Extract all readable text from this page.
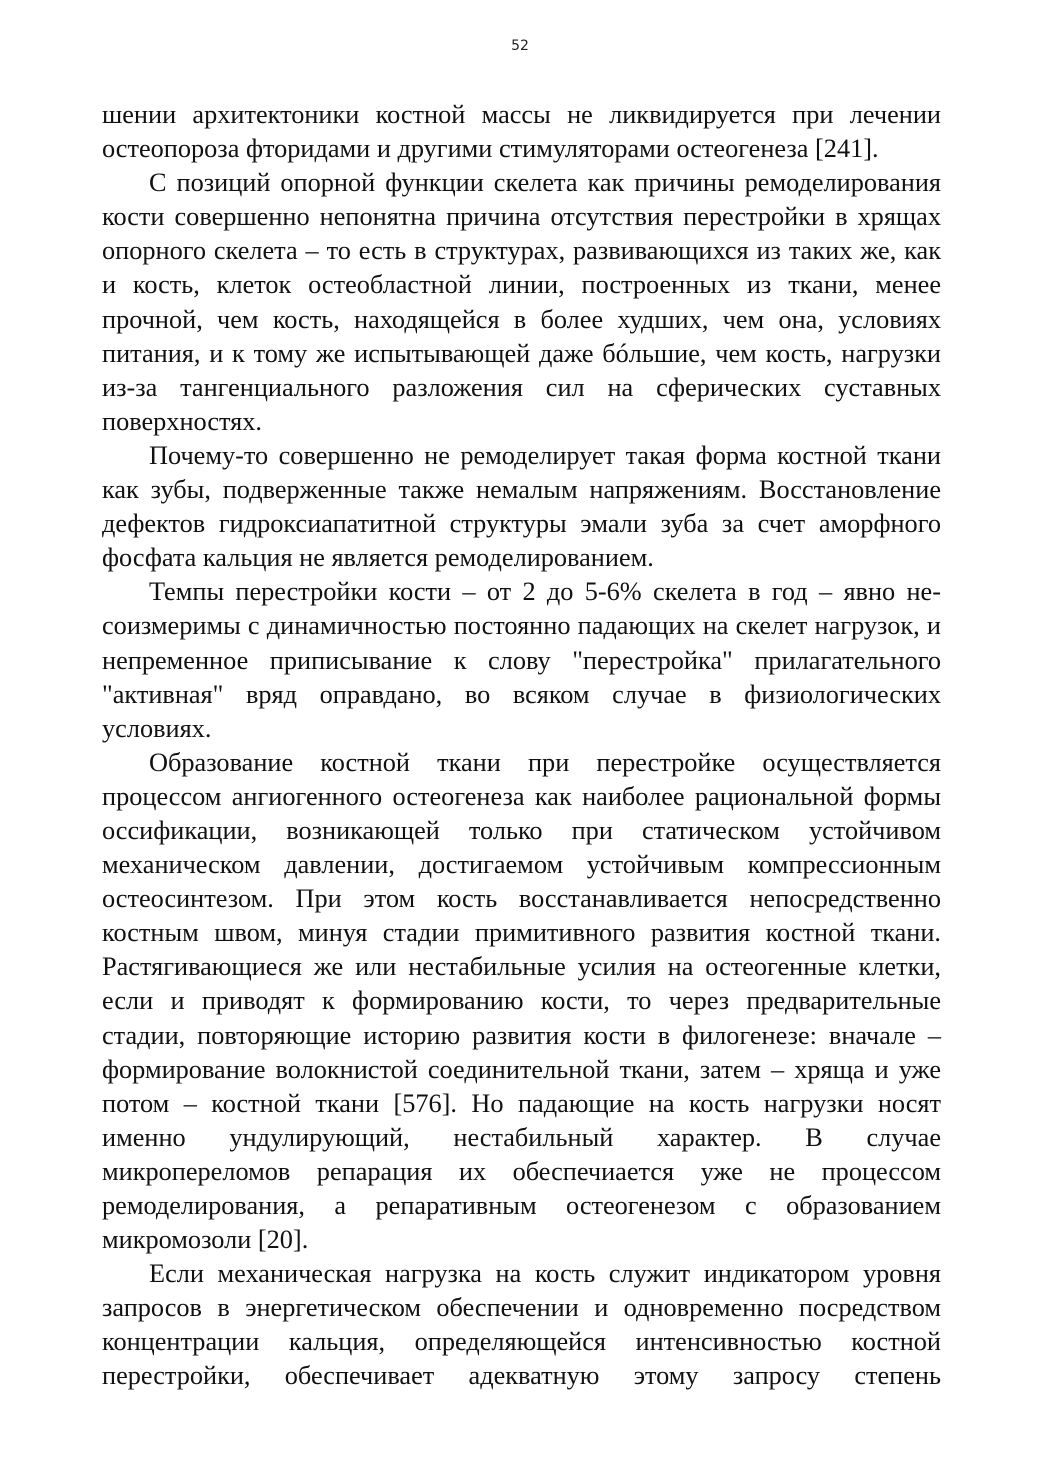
52

шении архитектоники костной массы не ликвидируется при лечении остеопороза фторидами и другими стимуляторами остеогенеза [241].

С позиций опорной функции скелета как причины ремоделирования кости совершенно непонятна причина отсутствия перестройки в хрящах опорного скелета – то есть в структурах, развивающихся из таких же, как и кость, клеток остеобластной линии, построенных из ткани, менее прочной, чем кость, находящейся в более худших, чем она, условиях питания, и к тому же испытывающей даже бóльшие, чем кость, нагрузки из-за тангенциального разложения сил на сферических суставных поверхностях.

Почему-то совершенно не ремоделирует такая форма костной ткани как зубы, подверженные также немалым напряжениям. Восстановление дефектов гидроксиапатитной структуры эмали зуба за счет аморфного фосфата кальция не является ремоделированием.

Темпы перестройки кости – от 2 до 5-6% скелета в год – явно несоизмеримы с динамичностью постоянно падающих на скелет нагрузок, и непременное приписывание к слову "перестройка" прилагательного "активная" вряд оправдано, во всяком случае в физиологических условиях.

Образование костной ткани при перестройке осуществляется процессом ангиогенного остеогенеза как наиболее рациональной формы оссификации, возникающей только при статическом устойчивом механическом давлении, достигаемом устойчивым компрессионным остеосинтезом. При этом кость восстанавливается непосредственно костным швом, минуя стадии примитивного развития костной ткани. Растягивающиеся же или нестабильные усилия на остеогенные клетки, если и приводят к формированию кости, то через предварительные стадии, повторяющие историю развития кости в филогенезе: вначале – формирование волокнистой соединительной ткани, затем – хряща и уже потом – костной ткани [576]. Но падающие на кость нагрузки носят именно ундулирующий, нестабильный характер. В случае микропереломов репарация их обеспечиается уже не процессом ремоделирования, а репаративным остеогенезом с образованием микромозоли [20].

Если механическая нагрузка на кость служит индикатором уровня запросов в энергетическом обеспечении и одновременно посредством концентрации кальция, определяющейся интенсивностью костной перестройки, обеспечивает адекватную этому запросу степень
